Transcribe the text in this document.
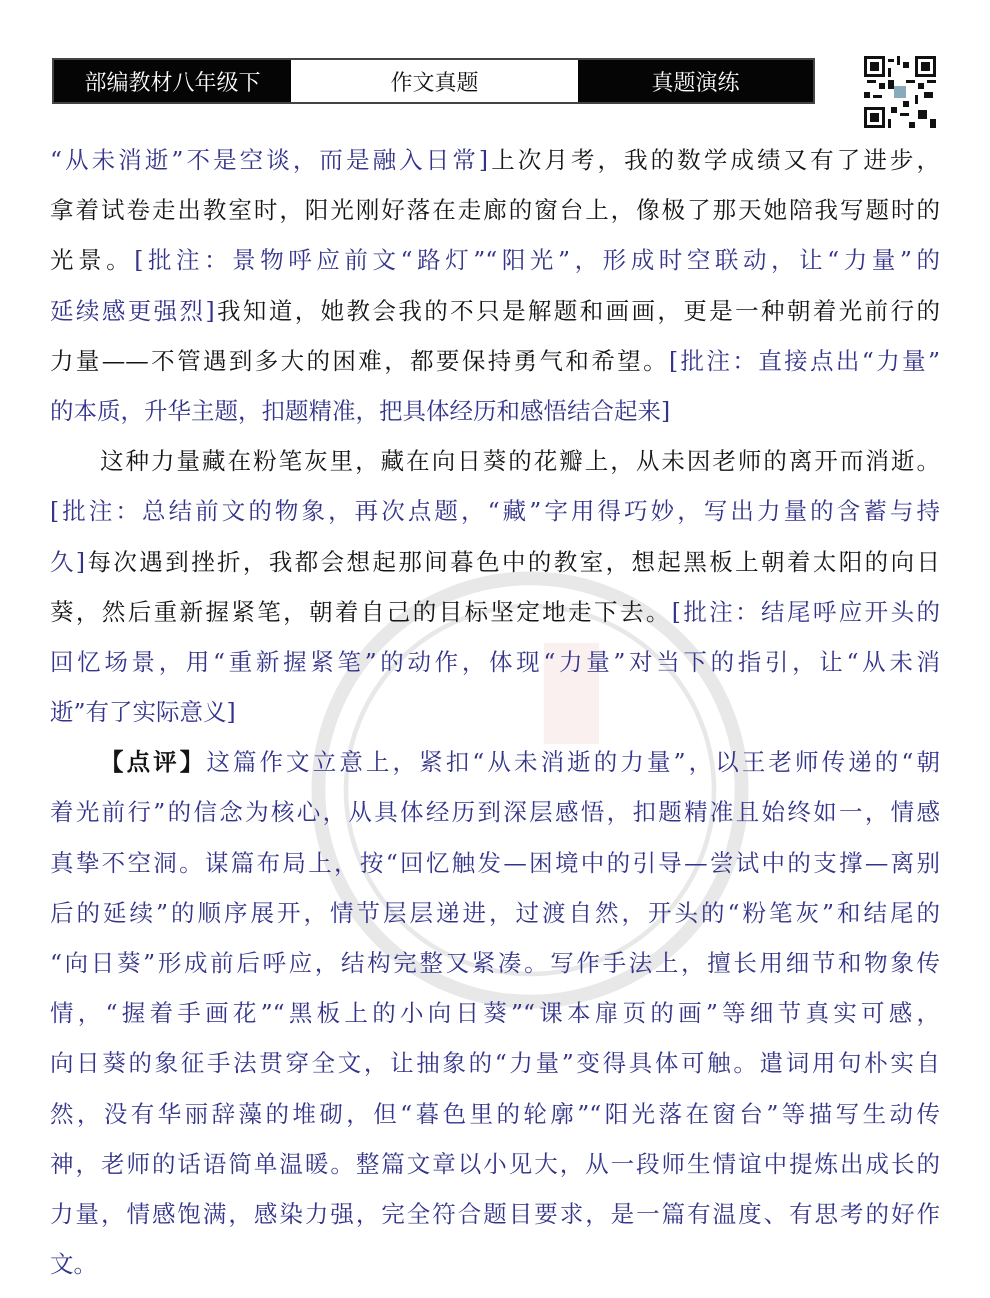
部编教材八年级下	作文真题	真题演练
“从未消逝”不是空谈，而是融入日常]上次月考，我的数学成绩又有了进步，
拿着试卷走出教室时，阳光刚好落在走廊的窗台上，像极了那天她陪我写题时的
光景。[批注：景物呼应前文“路灯”“阳光”，形成时空联动，让“力量”的
延续感更强烈]我知道，她教会我的不只是解题和画画，更是一种朝着光前行的
力量——不管遇到多大的困难，都要保持勇气和希望。[批注：直接点出“力量”
的本质，升华主题，扣题精准，把具体经历和感悟结合起来]
这种力量藏在粉笔灰里，藏在向日葵的花瓣上，从未因老师的离开而消逝。
[批注：总结前文的物象，再次点题，“藏”字用得巧妙，写出力量的含蓄与持
久]每次遇到挫折，我都会想起那间暮色中的教室，想起黑板上朝着太阳的向日
葵，然后重新握紧笔，朝着自己的目标坚定地走下去。[批注：结尾呼应开头的
回忆场景，用“重新握紧笔”的动作，体现“力量”对当下的指引，让“从未消
逝”有了实际意义]
【点评】这篇作文立意上，紧扣“从未消逝的力量”，以王老师传递的“朝
着光前行”的信念为核心，从具体经历到深层感悟，扣题精准且始终如一，情感
真挚不空洞。谋篇布局上，按“回忆触发—困境中的引导—尝试中的支撑—离别
后的延续”的顺序展开，情节层层递进，过渡自然，开头的“粉笔灰”和结尾的
“向日葵”形成前后呼应，结构完整又紧凑。写作手法上，擅长用细节和物象传
情，“握着手画花”“黑板上的小向日葵”“课本扉页的画”等细节真实可感，
向日葵的象征手法贯穿全文，让抽象的“力量”变得具体可触。遣词用句朴实自
然，没有华丽辞藻的堆砌，但“暮色里的轮廓”“阳光落在窗台”等描写生动传
神，老师的话语简单温暖。整篇文章以小见大，从一段师生情谊中提炼出成长的
力量，情感饱满，感染力强，完全符合题目要求，是一篇有温度、有思考的好作
文。
